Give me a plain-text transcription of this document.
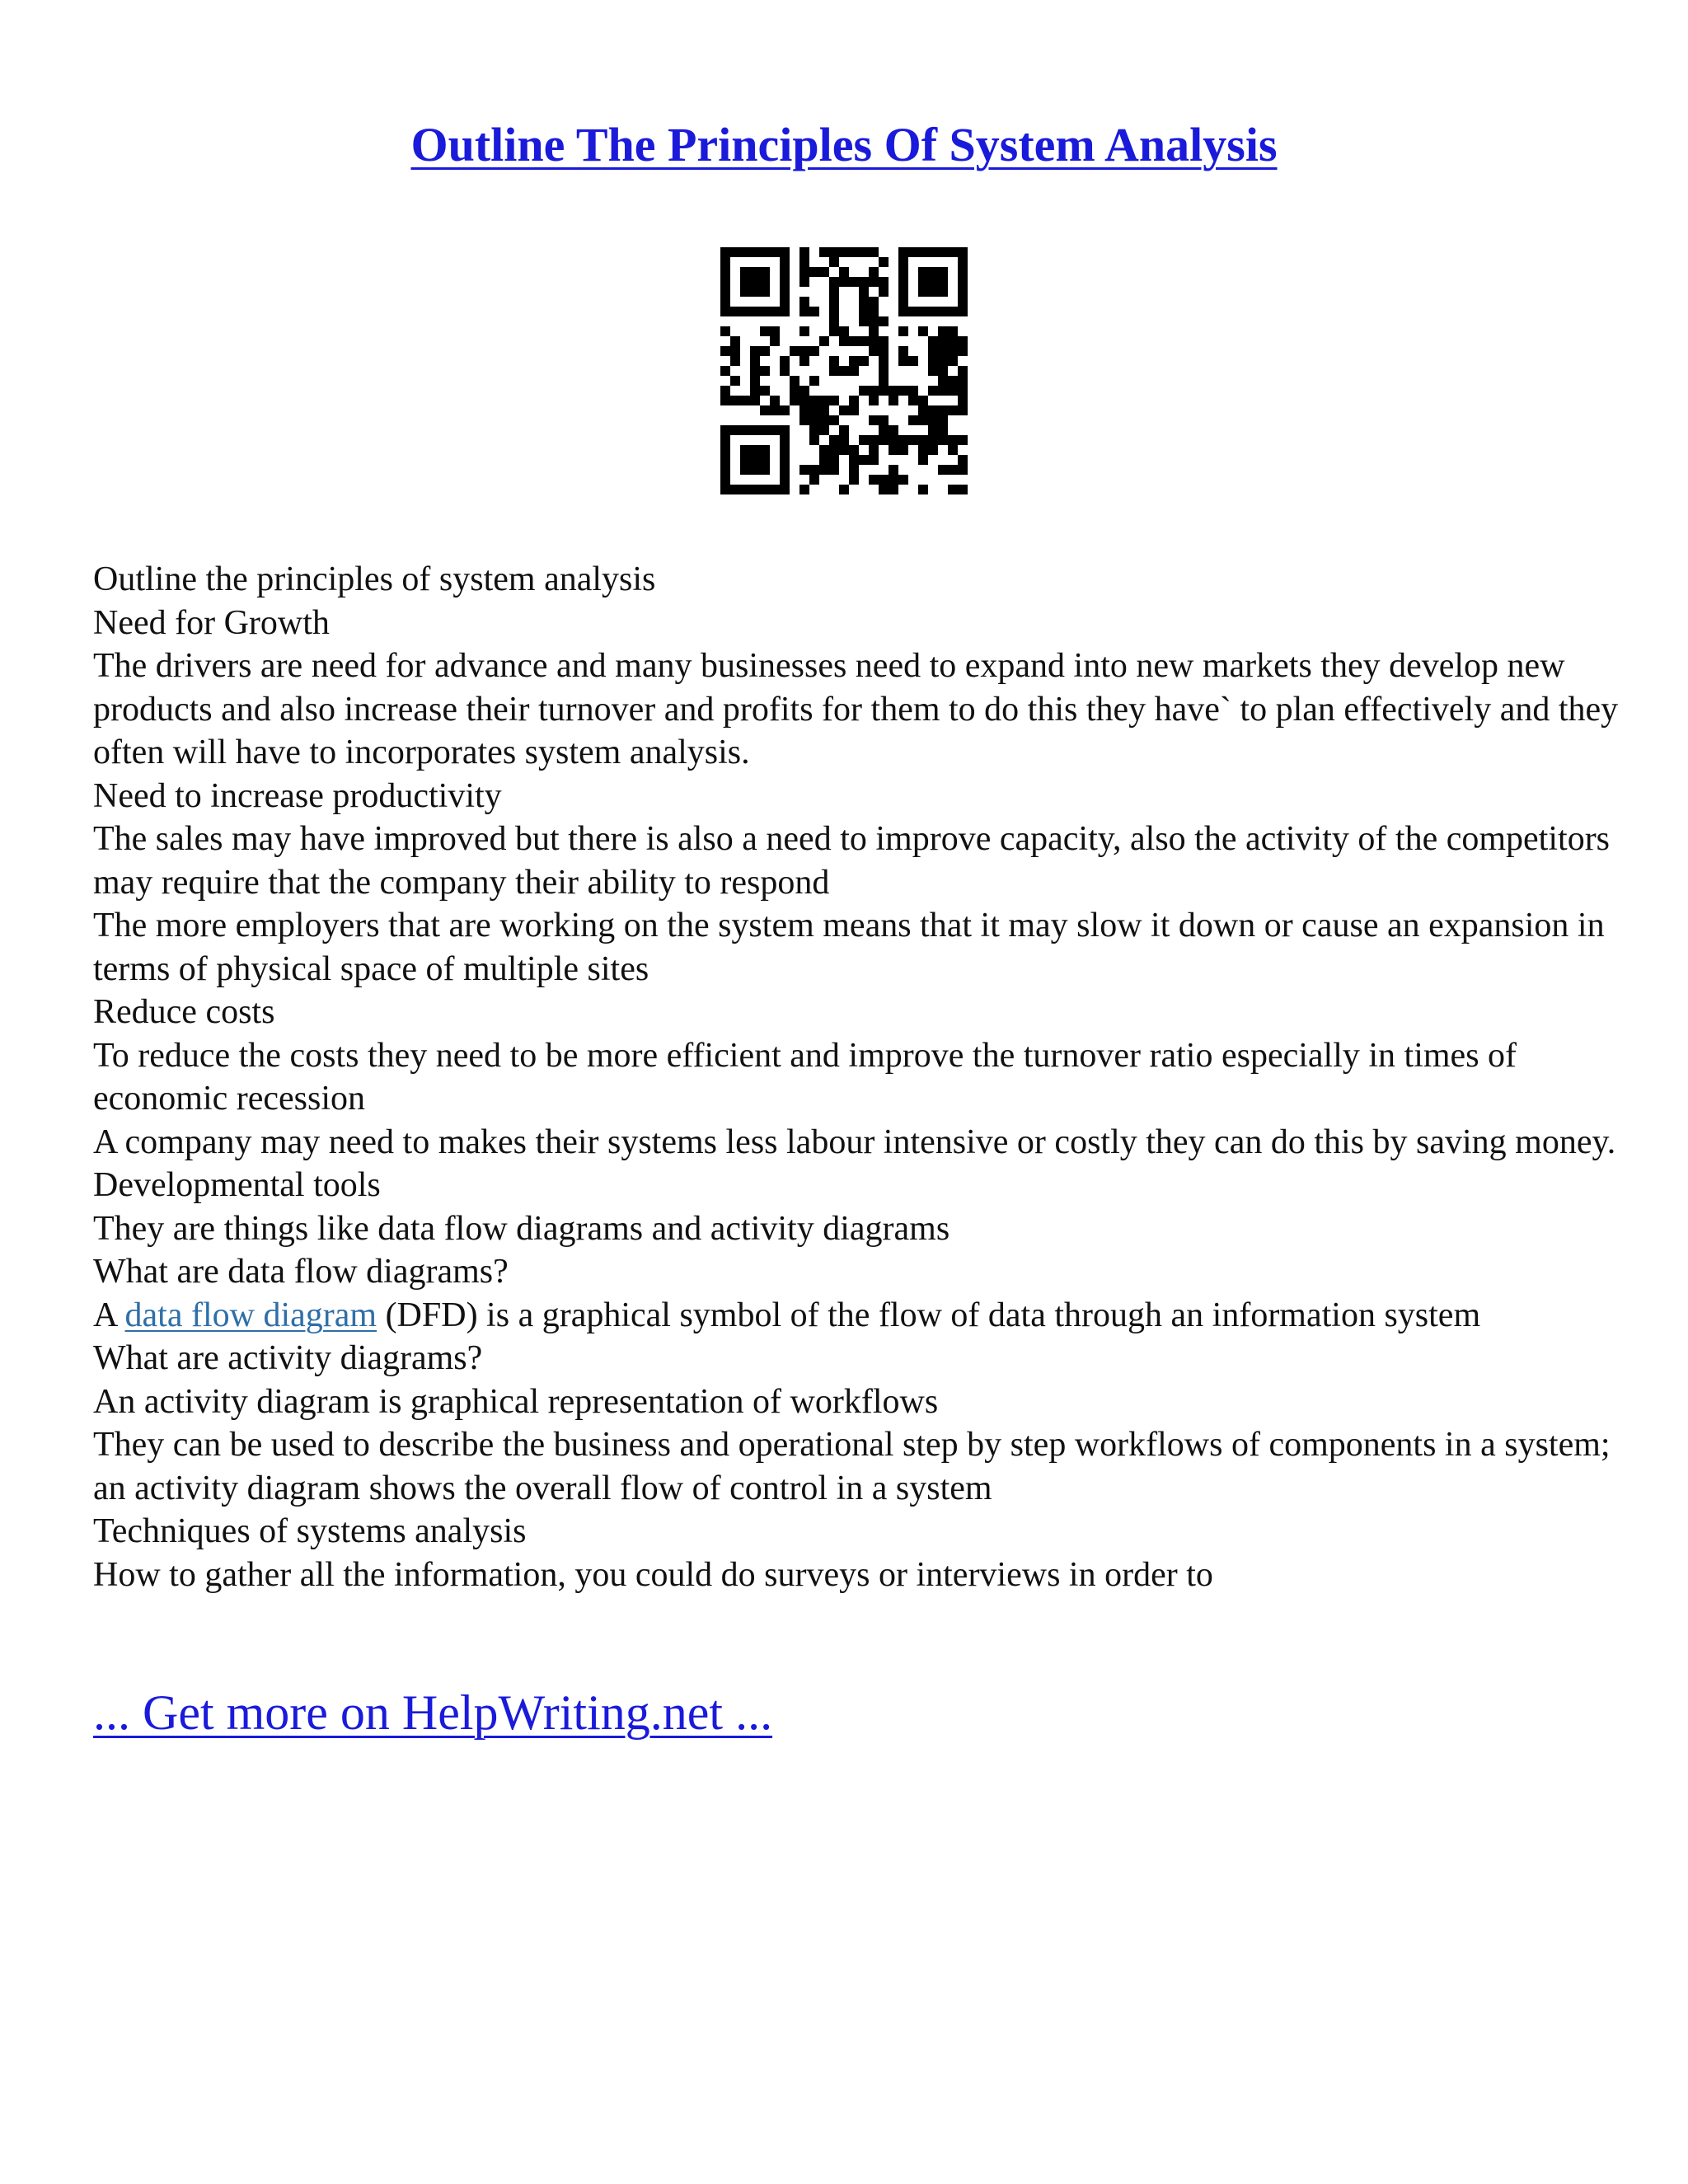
Outline The Principles Of System Analysis

Outline the principles of system analysis

Need for Growth

The drivers are need for advance and many businesses need to expand into new markets they develop new products and also increase their turnover and profits for them to do this they have` to plan effectively and they often will have to incorporates system analysis.

Need to increase productivity

The sales may have improved but there is also a need to improve capacity, also the activity of the competitors may require that the company their ability to respond

The more employers that are working on the system means that it may slow it down or cause an expansion in terms of physical space of multiple sites

Reduce costs

To reduce the costs they need to be more efficient and improve the turnover ratio especially in times of economic recession

A company may need to makes their systems less labour intensive or costly they can do this by saving money.

Developmental tools

They are things like data flow diagrams and activity diagrams

What are data flow diagrams?

A data flow diagram (DFD) is a graphical symbol of the flow of data through an information system

What are activity diagrams?

An activity diagram is graphical representation of workflows

They can be used to describe the business and operational step by step workflows of components in a system; an activity diagram shows the overall flow of control in a system

Techniques of systems analysis

How to gather all the information, you could do surveys or interviews in order to

... Get more on HelpWriting.net ...
